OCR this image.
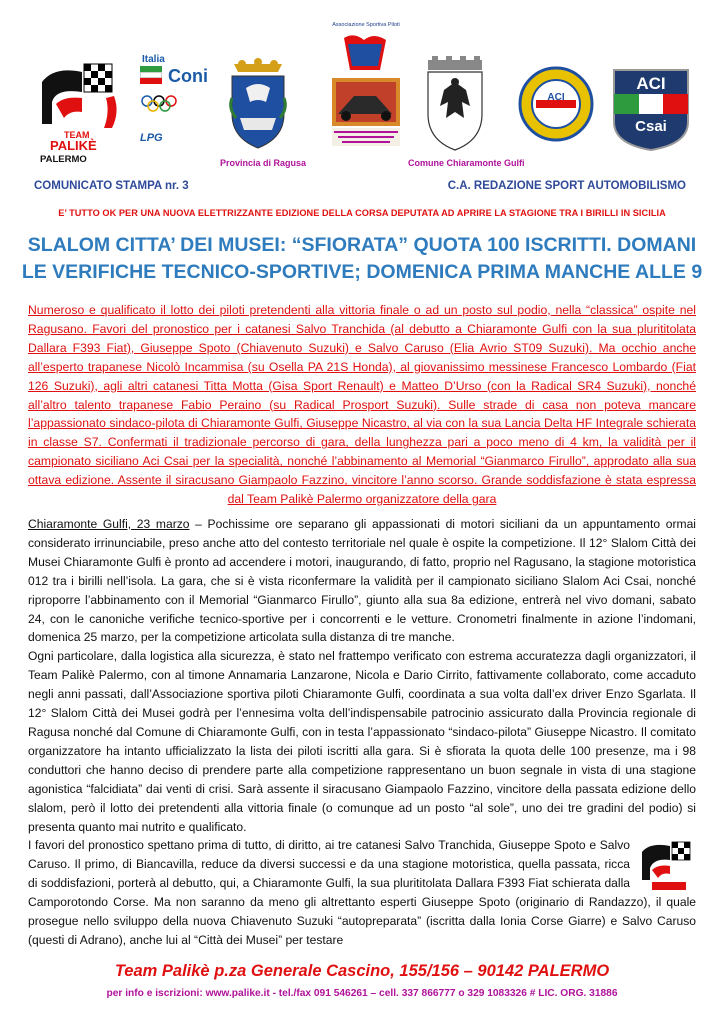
TEAM
PALIKÈ
PALERMO
Italia
Coni
LPG
Provincia di Ragusa
Associazione Sportiva Piloti
Comune Chiaramonte Gulfi
ACI
ACI
Csai
COMUNICATO STAMPA nr. 3	C.A. REDAZIONE SPORT AUTOMOBILISMO
E’ TUTTO OK PER UNA NUOVA ELETTRIZZANTE EDIZIONE DELLA CORSA DEPUTATA AD APRIRE LA STAGIONE TRA I BIRILLI IN SICILIA
SLALOM CITTA’ DEI MUSEI: “SFIORATA” QUOTA 100 ISCRITTI. DOMANI LE VERIFICHE TECNICO-SPORTIVE; DOMENICA PRIMA MANCHE ALLE 9
Numeroso e qualificato il lotto dei piloti pretendenti alla vittoria finale o ad un posto sul podio, nella “classica” ospite nel Ragusano. Favori del pronostico per i catanesi Salvo Tranchida (al debutto a Chiaramonte Gulfi con la sua plurititolata Dallara F393 Fiat), Giuseppe Spoto (Chiavenuto Suzuki) e Salvo Caruso (Elia Avrio ST09 Suzuki). Ma occhio anche all’esperto trapanese Nicolò Incammisa (su Osella PA 21S Honda), al giovanissimo messinese Francesco Lombardo (Fiat 126 Suzuki), agli altri catanesi Titta Motta (Gisa Sport Renault) e Matteo D’Urso (con la Radical SR4 Suzuki), nonché all’altro talento trapanese Fabio Peraino (su Radical Prosport Suzuki). Sulle strade di casa non poteva mancare l’appassionato sindaco-pilota di Chiaramonte Gulfi, Giuseppe Nicastro, al via con la sua Lancia Delta HF Integrale schierata in classe S7. Confermati il tradizionale percorso di gara, della lunghezza pari a poco meno di 4 km, la validità per il campionato siciliano Aci Csai per la specialità, nonché l’abbinamento al Memorial “Gianmarco Firullo”, approdato alla sua ottava edizione. Assente il siracusano Giampaolo Fazzino, vincitore l’anno scorso. Grande soddisfazione è stata espressa dal Team Palikè Palermo organizzatore della gara

Chiaramonte Gulfi, 23 marzo – Pochissime ore separano gli appassionati di motori siciliani da un appuntamento ormai considerato irrinunciabile, preso anche atto del contesto territoriale nel quale è ospite la competizione. Il 12° Slalom Città dei Musei Chiaramonte Gulfi è pronto ad accendere i motori, inaugurando, di fatto, proprio nel Ragusano, la stagione motoristica 012 tra i birilli nell’isola. La gara, che si è vista riconfermare la validità per il campionato siciliano Slalom Aci Csai, nonché riproporre l’abbinamento con il Memorial “Gianmarco Firullo”, giunto alla sua 8a edizione, entrerà nel vivo domani, sabato 24, con le canoniche verifiche tecnico-sportive per i concorrenti e le vetture. Cronometri finalmente in azione l’indomani, domenica 25 marzo, per la competizione articolata sulla distanza di tre manche.

Ogni particolare, dalla logistica alla sicurezza, è stato nel frattempo verificato con estrema accuratezza dagli organizzatori, il Team Palikè Palermo, con al timone Annamaria Lanzarone, Nicola e Dario Cirrito, fattivamente collaborato, come accaduto negli anni passati, dall’Associazione sportiva piloti Chiaramonte Gulfi, coordinata a sua volta dall’ex driver Enzo Sgarlata. Il 12° Slalom Città dei Musei godrà per l’ennesima volta dell’indispensabile patrocinio assicurato dalla Provincia regionale di Ragusa nonché dal Comune di Chiaramonte Gulfi, con in testa l’appassionato “sindaco-pilota” Giuseppe Nicastro. Il comitato organizzatore ha intanto ufficializzato la lista dei piloti iscritti alla gara. Si è sfiorata la quota delle 100 presenze, ma i 98 conduttori che hanno deciso di prendere parte alla competizione rappresentano un buon segnale in vista di una stagione agonistica “falcidiata” dai venti di crisi. Sarà assente il siracusano Giampaolo Fazzino, vincitore della passata edizione dello slalom, però il lotto dei pretendenti alla vittoria finale (o comunque ad un posto “al sole”, uno dei tre gradini del podio) si presenta quanto mai nutrito e qualificato.

I favori del pronostico spettano prima di tutto, di diritto, ai tre catanesi Salvo Tranchida, Giuseppe Spoto e Salvo Caruso. Il primo, di Biancavilla, reduce da diversi successi e da una stagione motoristica, quella passata, ricca di soddisfazioni, porterà al debutto, qui, a Chiaramonte Gulfi, la sua plurititolata Dallara F393 Fiat schierata dalla Camporotondo Corse. Ma non saranno da meno gli altrettanto esperti Giuseppe Spoto (originario di Randazzo), il quale prosegue nello sviluppo della nuova Chiavenuto Suzuki “autopreparata” (iscritta dalla Ionia Corse Giarre) e Salvo Caruso (questi di Adrano), anche lui al “Città dei Musei” per testare

Team Palikè p.za Generale Cascino, 155/156 – 90142 PALERMO
per info e iscrizioni: www.palike.it - tel./fax 091 546261 – cell. 337 866777 o 329 1083326 # LIC. ORG. 31886
